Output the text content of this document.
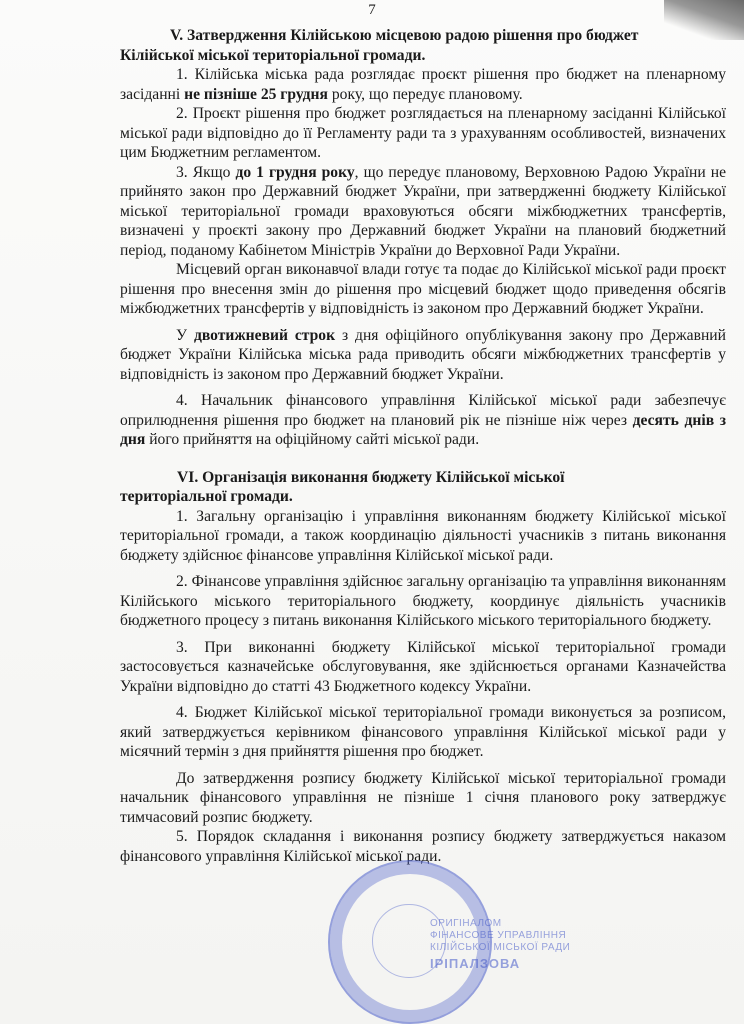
7
V. Затвердження Кілійською місцевою радою рішення про бюджет
Кілійської міської територіальної громади.

1. Кілійська міська рада розглядає проєкт рішення про бюджет на пленарному засіданні не пізніше 25 грудня року, що передує плановому.

2. Проєкт рішення про бюджет розглядається на пленарному засіданні Кілійської міської ради відповідно до її Регламенту ради та з урахуванням особливостей, визначених цим Бюджетним регламентом.

3. Якщо до 1 грудня року, що передує плановому, Верховною Радою України не прийнято закон про Державний бюджет України, при затвердженні бюджету Кілійської міської територіальної громади враховуються обсяги міжбюджетних трансфертів, визначені у проєкті закону про Державний бюджет України на плановий бюджетний період, поданому Кабінетом Міністрів України до Верховної Ради України.

Місцевий орган виконавчої влади готує та подає до Кілійської міської ради проєкт рішення про внесення змін до рішення про місцевий бюджет щодо приведення обсягів міжбюджетних трансфертів у відповідність із законом про Державний бюджет України.

У двотижневий строк з дня офіційного опублікування закону про Державний бюджет України Кілійська міська рада приводить обсяги міжбюджетних трансфертів у відповідність із законом про Державний бюджет України.

4. Начальник фінансового управління Кілійської міської ради забезпечує оприлюднення рішення про бюджет на плановий рік не пізніше ніж через десять днів з дня його прийняття на офіційному сайті міської ради.

VI. Організація виконання бюджету Кілійської міської
територіальної громади.

1. Загальну організацію і управління виконанням бюджету Кілійської міської територіальної громади, а також координацію діяльності учасників з питань виконання бюджету здійснює фінансове управління Кілійської міської ради.

2. Фінансове управління здійснює загальну організацію та управління виконанням Кілійського міського територіального бюджету, координує діяльність учасників бюджетного процесу з питань виконання Кілійського міського територіального бюджету.

3. При виконанні бюджету Кілійської міської територіальної громади застосовується казначейське обслуговування, яке здійснюється органами Казначейства України відповідно до статті 43 Бюджетного кодексу України.

4. Бюджет Кілійської міської територіальної громади виконується за розписом, який затверджується керівником фінансового управління Кілійської міської ради у місячний термін з дня прийняття рішення про бюджет.

До затвердження розпису бюджету Кілійської міської територіальної громади начальник фінансового управління не пізніше 1 січня планового року затверджує тимчасовий розпис бюджету.

5. Порядок складання і виконання розпису бюджету затверджується наказом фінансового управління Кілійської міської ради.

ОРИГІНАЛОМ
ФІНАНСОВЕ УПРАВЛІННЯ
КІЛІЙСЬКОЇ МІСЬКОЇ РАДИ
ІРІПАЛЗОВА
